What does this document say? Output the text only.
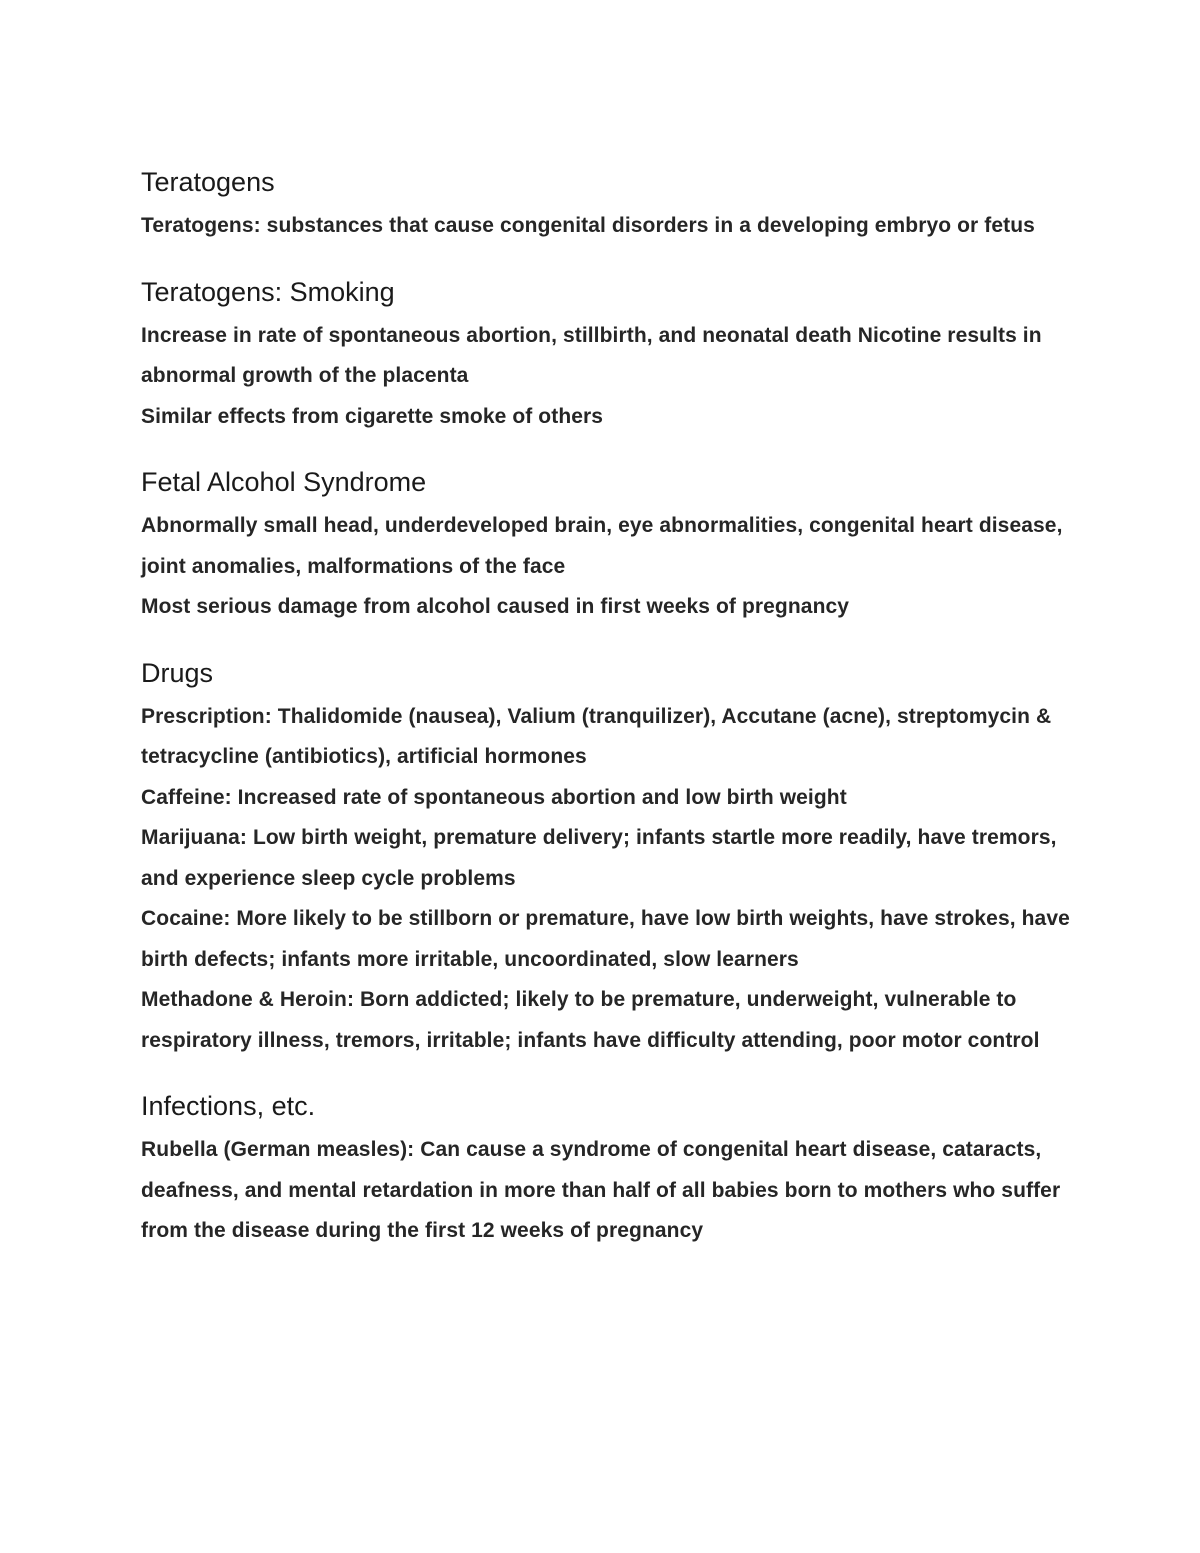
Teratogens

Teratogens: substances that cause congenital disorders in a developing embryo or fetus

Teratogens: Smoking

Increase in rate of spontaneous abortion, stillbirth, and neonatal death Nicotine results in abnormal growth of the placenta

Similar effects from cigarette smoke of others

Fetal Alcohol Syndrome

Abnormally small head, underdeveloped brain, eye abnormalities, congenital heart disease, joint anomalies, malformations of the face

Most serious damage from alcohol caused in first weeks of pregnancy

Drugs

Prescription: Thalidomide (nausea), Valium (tranquilizer), Accutane (acne), streptomycin & tetracycline (antibiotics), artificial hormones

Caffeine: Increased rate of spontaneous abortion and low birth weight

Marijuana: Low birth weight, premature delivery; infants startle more readily, have tremors, and experience sleep cycle problems

Cocaine: More likely to be stillborn or premature, have low birth weights, have strokes, have birth defects; infants more irritable, uncoordinated, slow learners

Methadone & Heroin: Born addicted; likely to be premature, underweight, vulnerable to respiratory illness, tremors, irritable; infants have difficulty attending, poor motor control

Infections, etc.

Rubella (German measles): Can cause a syndrome of congenital heart disease, cataracts, deafness, and mental retardation in more than half of all babies born to mothers who suffer from the disease during the first 12 weeks of pregnancy
